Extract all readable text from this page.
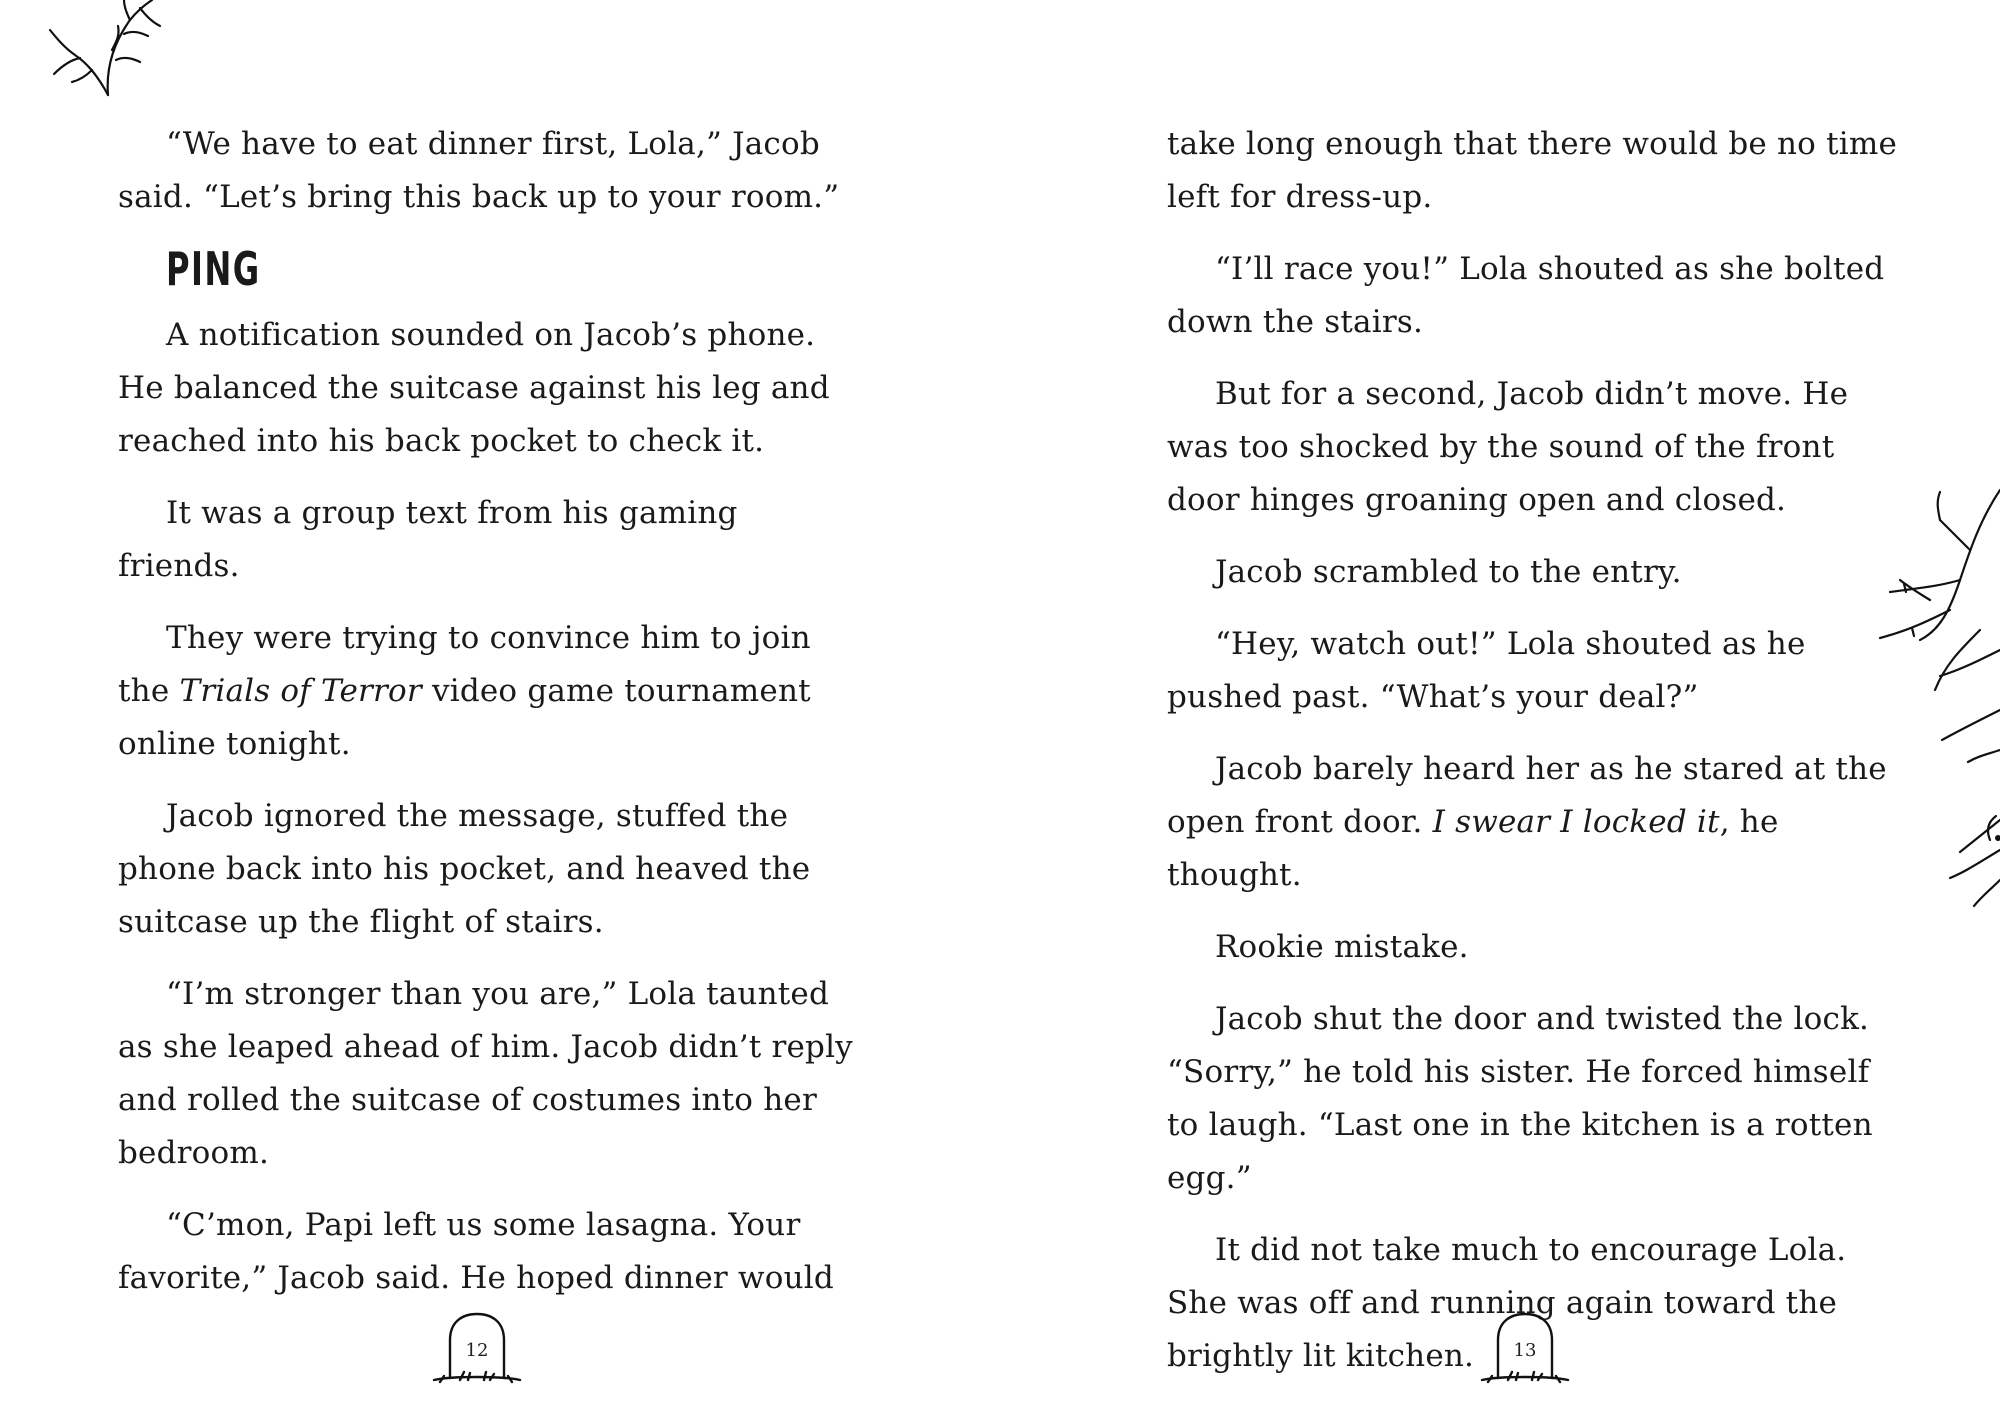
“We have to eat dinner first, Lola,” Jacob said. “Let’s bring this back up to your room.”

PING

A notification sounded on Jacob’s phone. He balanced the suitcase against his leg and reached into his back pocket to check it.

It was a group text from his gaming friends.

They were trying to convince him to join the Trials of Terror video game tournament online tonight.

Jacob ignored the message, stuffed the phone back into his pocket, and heaved the suitcase up the flight of stairs.

“I’m stronger than you are,” Lola taunted as she leaped ahead of him. Jacob didn’t reply and rolled the suitcase of costumes into her bedroom.

“C’mon, Papi left us some lasagna. Your favorite,” Jacob said. He hoped dinner would

12

take long enough that there would be no time left for dress-up.

“I’ll race you!” Lola shouted as she bolted down the stairs.

But for a second, Jacob didn’t move. He was too shocked by the sound of the front door hinges groaning open and closed.

Jacob scrambled to the entry.

“Hey, watch out!” Lola shouted as he pushed past. “What’s your deal?”

Jacob barely heard her as he stared at the open front door. I swear I locked it, he thought.

Rookie mistake.

Jacob shut the door and twisted the lock. “Sorry,” he told his sister. He forced himself to laugh. “Last one in the kitchen is a rotten egg.”

It did not take much to encourage Lola. She was off and running again toward the brightly lit kitchen.	13
